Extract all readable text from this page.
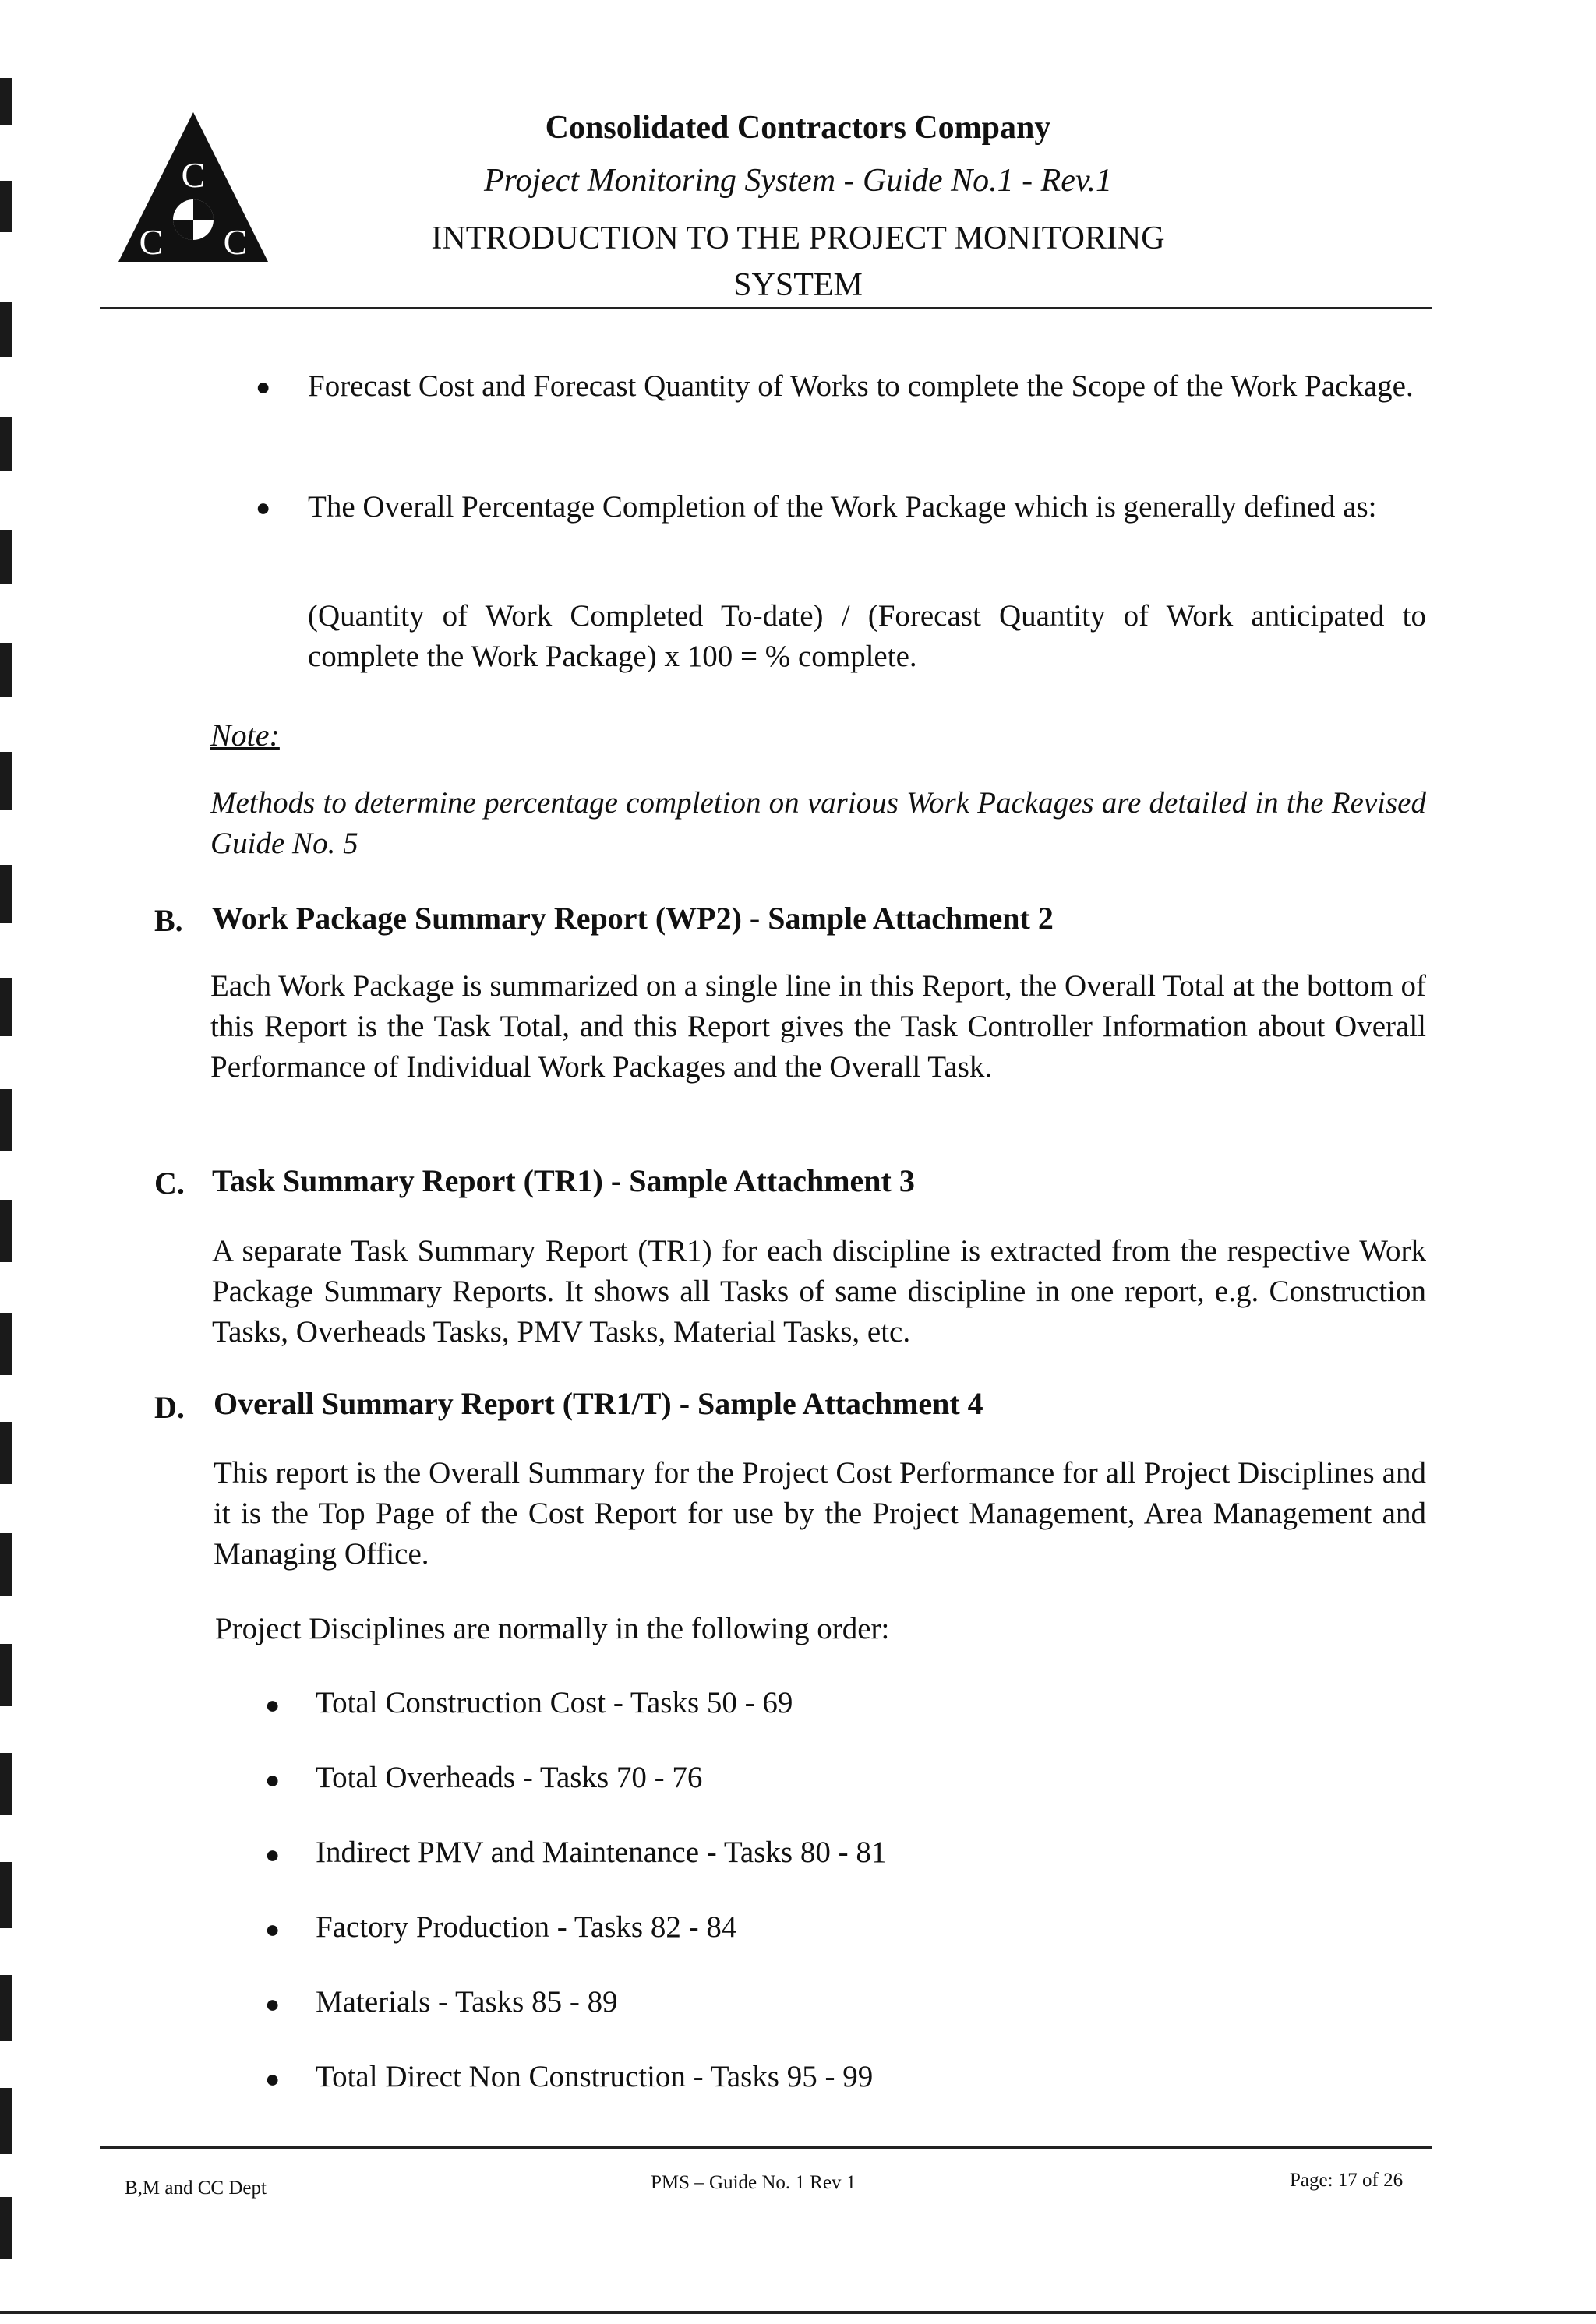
C
C C
Consolidated Contractors Company
Project Monitoring System - Guide No.1 - Rev.1
INTRODUCTION TO THE PROJECT MONITORING
SYSTEM
● Forecast Cost and Forecast Quantity of Works to complete the Scope of the Work Package.
● The Overall Percentage Completion of the Work Package which is generally defined as:
(Quantity of Work Completed To-date) / (Forecast Quantity of Work anticipated to complete the Work Package) x 100 = % complete.
Note:
Methods to determine percentage completion on various Work Packages are detailed in the Revised Guide No. 5
B. Work Package Summary Report (WP2) - Sample Attachment 2
Each Work Package is summarized on a single line in this Report, the Overall Total at the bottom of this Report is the Task Total, and this Report gives the Task Controller Information about Overall Performance of Individual Work Packages and the Overall Task.
C. Task Summary Report (TR1) - Sample Attachment 3
A separate Task Summary Report (TR1) for each discipline is extracted from the respective Work Package Summary Reports. It shows all Tasks of same discipline in one report, e.g. Construction Tasks, Overheads Tasks, PMV Tasks, Material Tasks, etc.
D. Overall Summary Report (TR1/T) - Sample Attachment 4
This report is the Overall Summary for the Project Cost Performance for all Project Disciplines and it is the Top Page of the Cost Report for use by the Project Management, Area Management and Managing Office.
Project Disciplines are normally in the following order:
● Total Construction Cost - Tasks 50 - 69
● Total Overheads - Tasks 70 - 76
● Indirect PMV and Maintenance - Tasks 80 - 81
● Factory Production - Tasks 82 - 84
● Materials - Tasks 85 - 89
● Total Direct Non Construction - Tasks 95 - 99
B,M and CC Dept	PMS – Guide No. 1 Rev 1	Page: 17 of 26
